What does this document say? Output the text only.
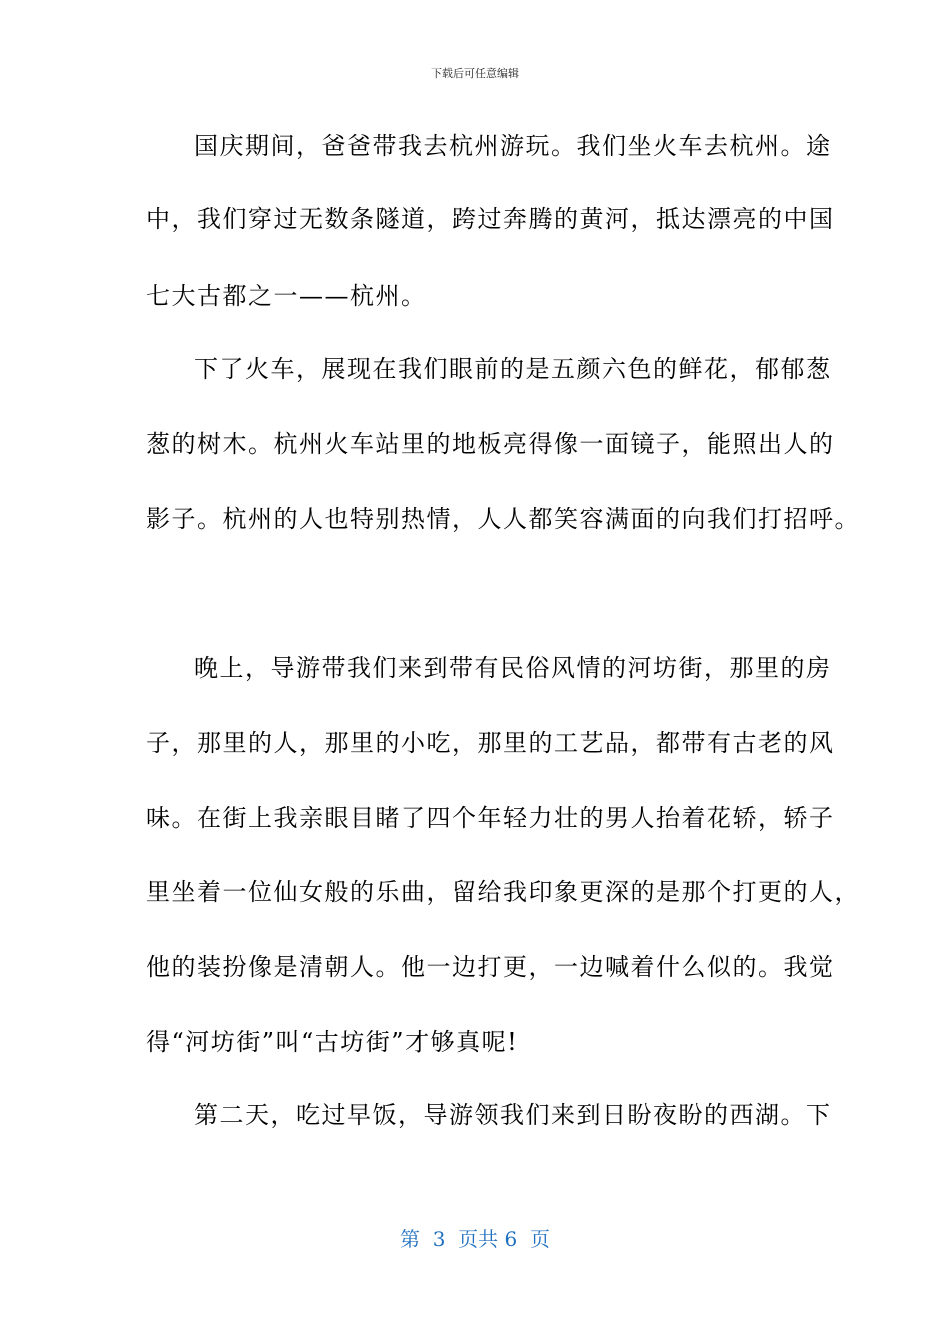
下载后可任意编辑
国庆期间，爸爸带我去杭州游玩。我们坐火车去杭州。途
中，我们穿过无数条隧道，跨过奔腾的黄河，抵达漂亮的中国
七大古都之一——杭州。
下了火车，展现在我们眼前的是五颜六色的鲜花，郁郁葱
葱的树木。杭州火车站里的地板亮得像一面镜子，能照出人的
影子。杭州的人也特别热情，人人都笑容满面的向我们打招呼。
晚上，导游带我们来到带有民俗风情的河坊街，那里的房
子，那里的人，那里的小吃，那里的工艺品，都带有古老的风
味。在街上我亲眼目睹了四个年轻力壮的男人抬着花轿，轿子
里坐着一位仙女般的乐曲，留给我印象更深的是那个打更的人，
他的装扮像是清朝人。他一边打更，一边喊着什么似的。我觉
得“河坊街”叫“古坊街”才够真呢!
第二天，吃过早饭，导游领我们来到日盼夜盼的西湖。下
第  3  页共 6  页
